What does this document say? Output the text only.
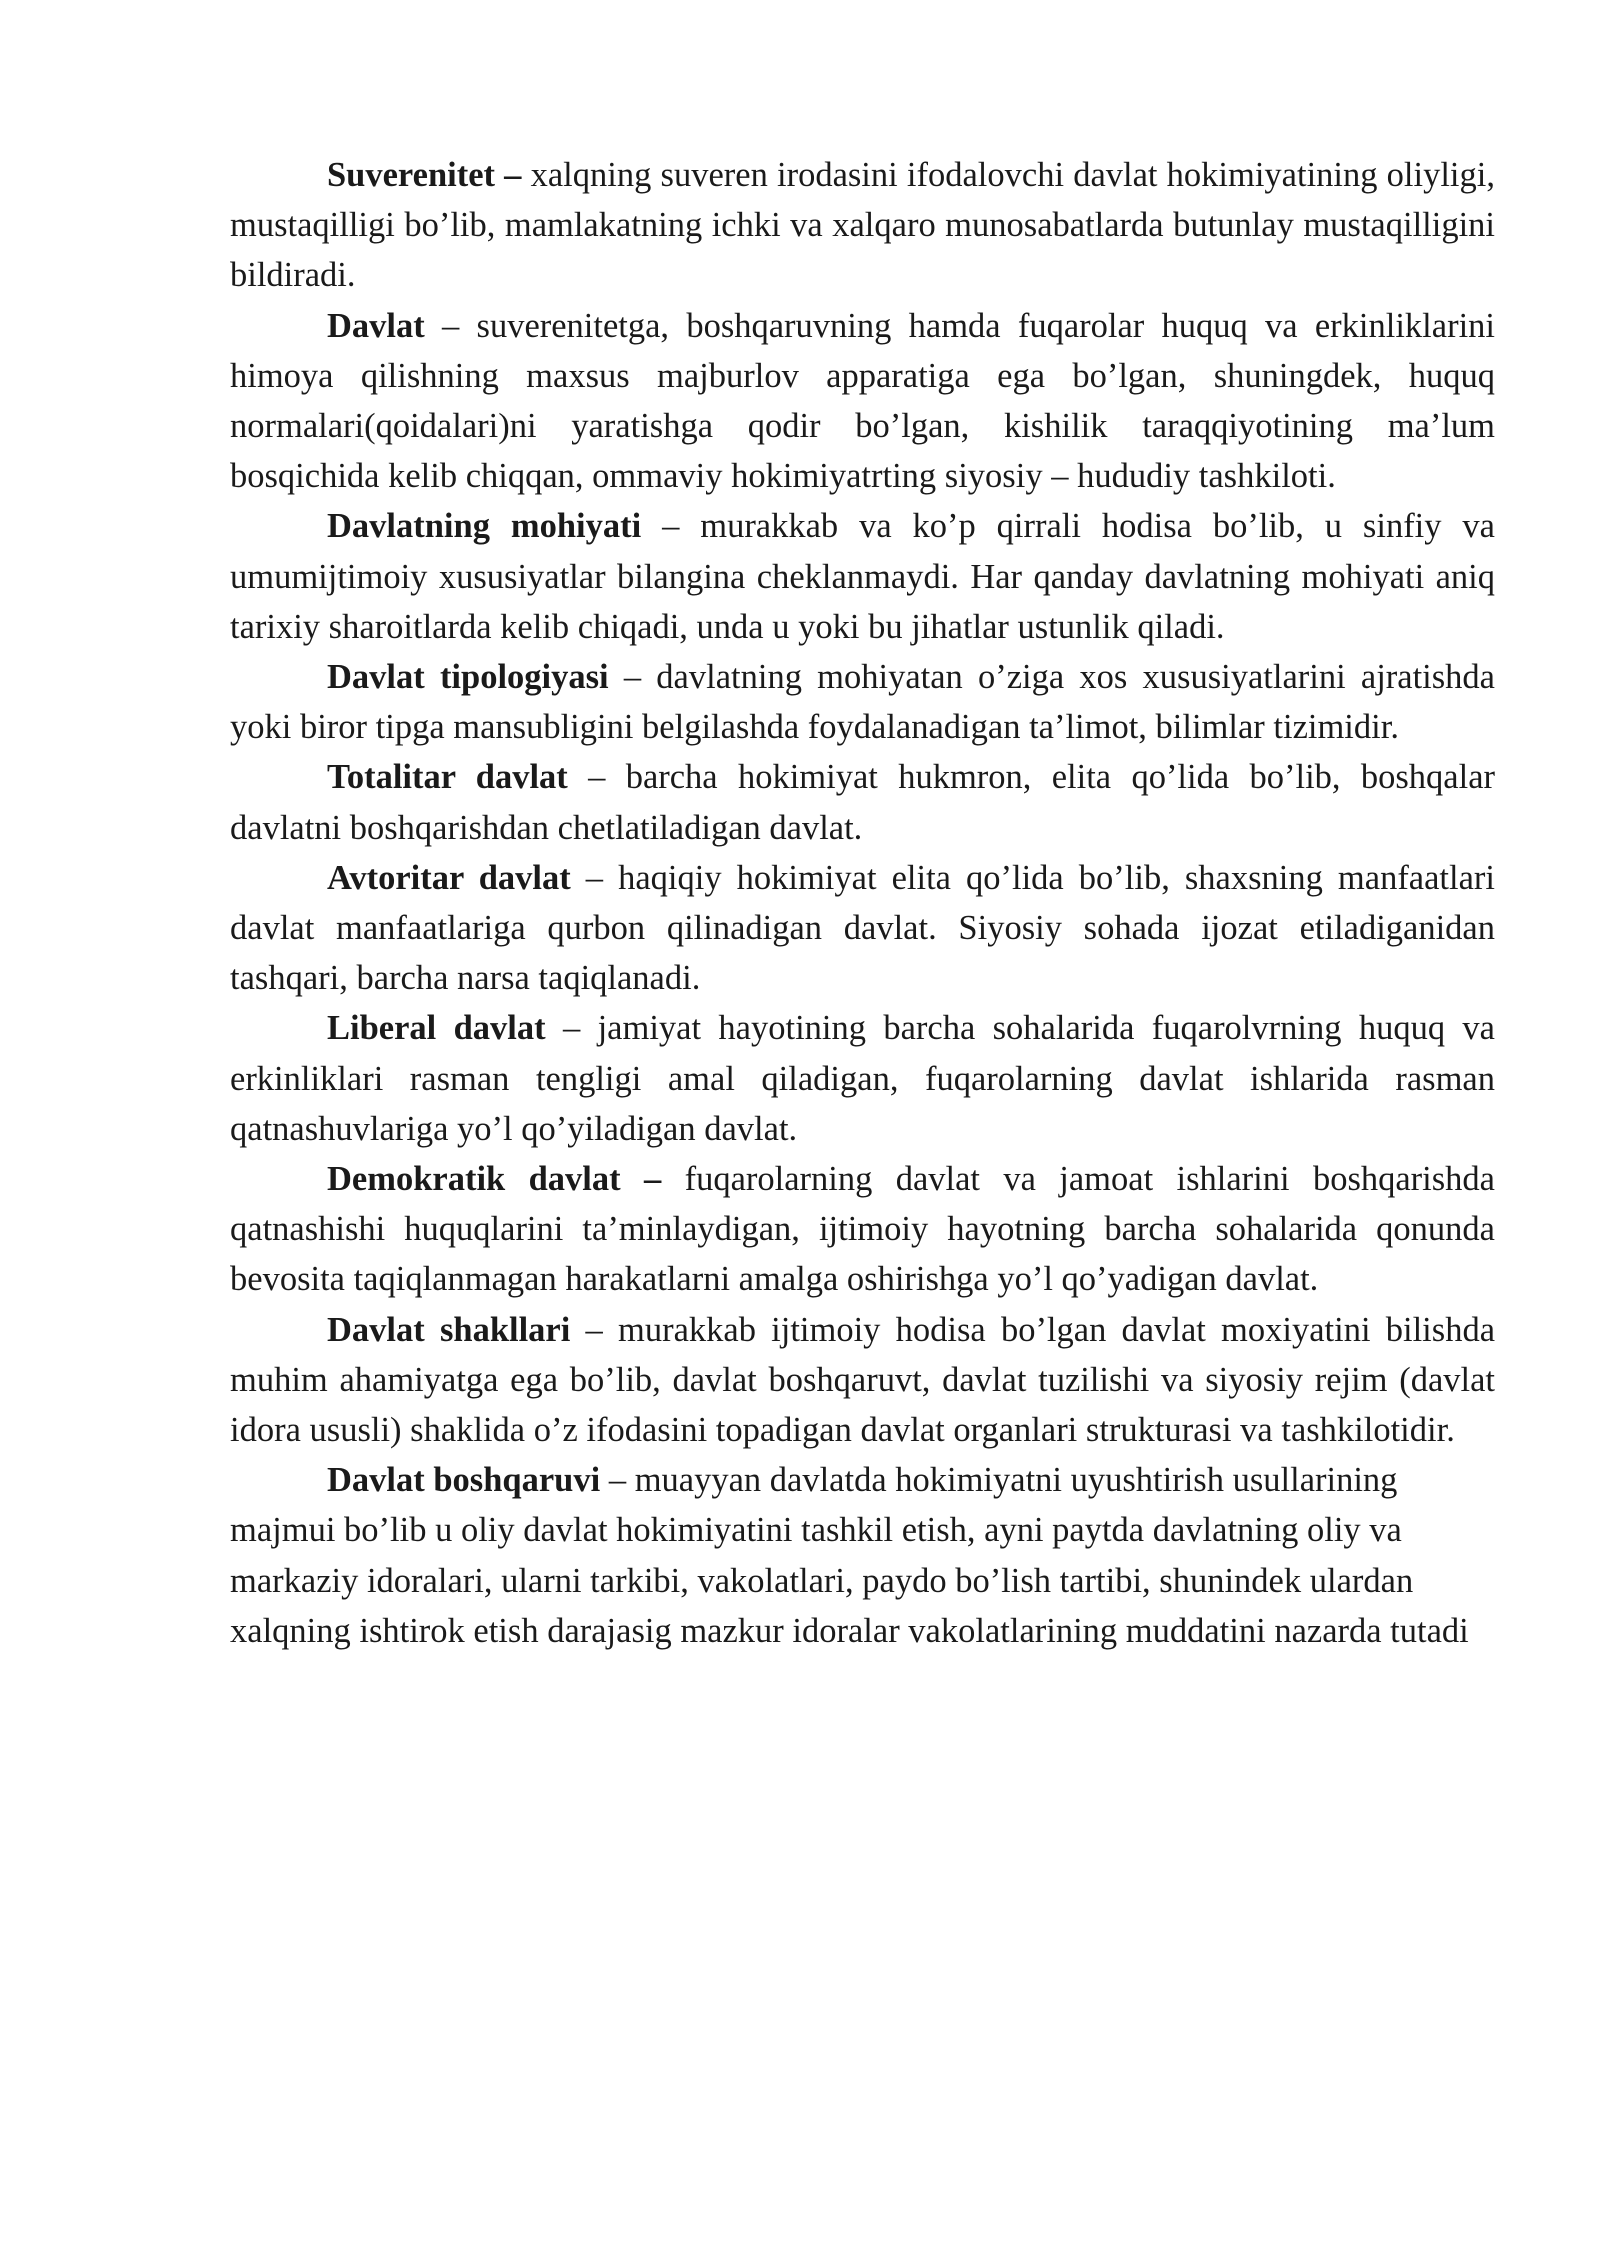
Suverenitet – xalqning suveren irodasini ifodalovchi davlat hokimiyatining oliyligi, mustaqilligi bo’lib, mamlakatning ichki va xalqaro munosabatlarda butunlay mustaqilligini bildiradi.

Davlat – suverenitetga, boshqaruvning hamda fuqarolar huquq va erkinliklarini himoya qilishning maxsus majburlov apparatiga ega bo’lgan, shuningdek, huquq normalari(qoidalari)ni yaratishga qodir bo’lgan, kishilik taraqqiyotining ma’lum bosqichida kelib chiqqan, ommaviy hokimiyatrting siyosiy – hududiy tashkiloti.

Davlatning mohiyati – murakkab va ko’p qirrali hodisa bo’lib, u sinfiy va umumijtimoiy xususiyatlar bilangina cheklanmaydi. Har qanday davlatning mohiyati aniq tarixiy sharoitlarda kelib chiqadi, unda u yoki bu jihatlar ustunlik qiladi.

Davlat tipologiyasi – davlatning mohiyatan o’ziga xos xususiyatlarini ajratishda yoki biror tipga mansubligini belgilashda foydalanadigan ta’limot, bilimlar tizimidir.

Totalitar davlat – barcha hokimiyat hukmron, elita qo’lida bo’lib, boshqalar davlatni boshqarishdan chetlatiladigan davlat.

Avtoritar davlat – haqiqiy hokimiyat elita qo’lida bo’lib, shaxsning manfaatlari davlat manfaatlariga qurbon qilinadigan davlat. Siyosiy sohada ijozat etiladiganidan tashqari, barcha narsa taqiqlanadi.

Liberal davlat – jamiyat hayotining barcha sohalarida fuqarolvrning huquq va erkinliklari rasman tengligi amal qiladigan, fuqarolarning davlat ishlarida rasman qatnashuvlariga yo’l qo’yiladigan davlat.

Demokratik davlat – fuqarolarning davlat va jamoat ishlarini boshqarishda qatnashishi huquqlarini ta’minlaydigan, ijtimoiy hayotning barcha sohalarida qonunda bevosita taqiqlanmagan harakatlarni amalga oshirishga yo’l qo’yadigan davlat.

Davlat shakllari – murakkab ijtimoiy hodisa bo’lgan davlat moxiyatini bilishda muhim ahamiyatga ega bo’lib, davlat boshqaruvt, davlat tuzilishi va siyosiy rejim (davlat idora ususli) shaklida o’z ifodasini topadigan davlat organlari strukturasi va tashkilotidir.

Davlat boshqaruvi – muayyan davlatda hokimiyatni uyushtirish usullarining majmui bo’lib u oliy davlat hokimiyatini tashkil etish, ayni paytda davlatning oliy va markaziy idoralari, ularni tarkibi, vakolatlari, paydo bo’lish tartibi, shunindek ulardan xalqning ishtirok etish darajasig mazkur idoralar vakolatlarining muddatini nazarda tutadi
